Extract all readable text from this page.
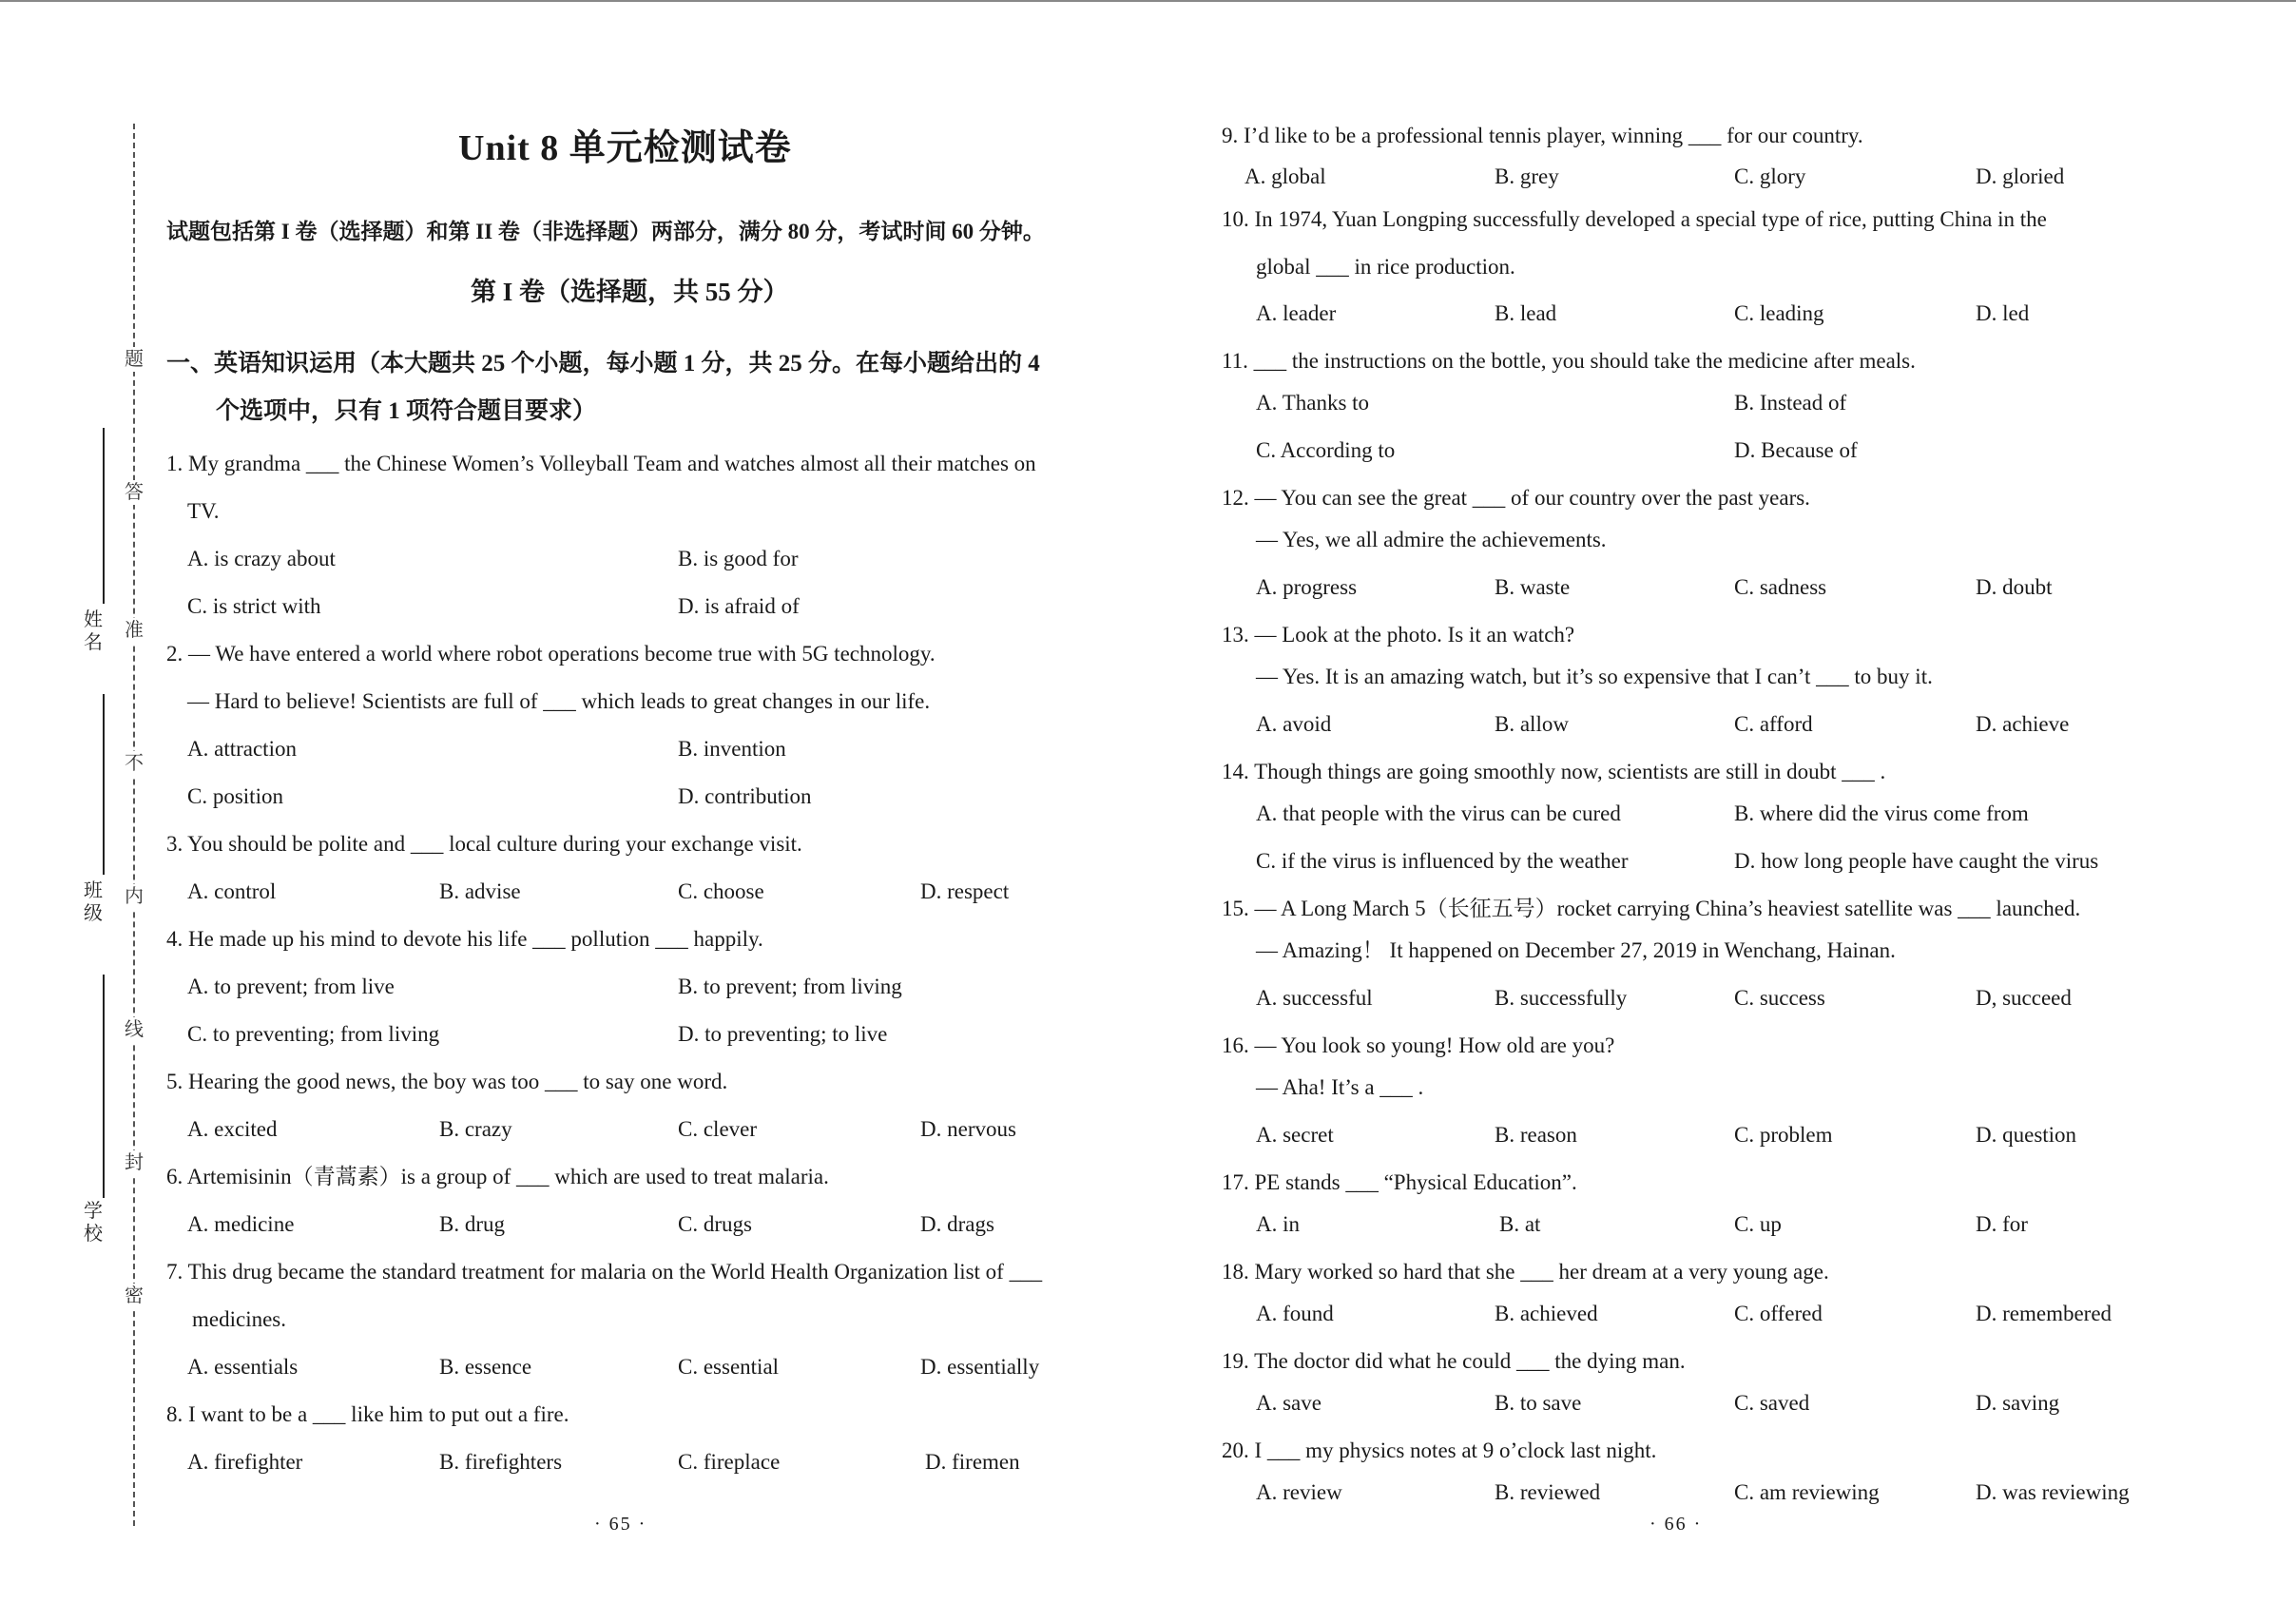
题
答
准
不
内
线
封
密
姓名
班级
学校
Unit 8 单元检测试卷
试题包括第 I 卷（选择题）和第 II 卷（非选择题）两部分，满分 80 分，考试时间 60 分钟。
第 I 卷（选择题，共 55 分）
一、英语知识运用（本大题共 25 个小题，每小题 1 分，共 25 分。在每小题给出的 4
个选项中，只有 1 项符合题目要求）
1. My grandma ___ the Chinese Women’s Volleyball Team and watches almost all their matches on
TV.
A. is crazy about	B. is good for
C. is strict with	D. is afraid of
2. — We have entered a world where robot operations become true with 5G technology.
— Hard to believe! Scientists are full of ___ which leads to great changes in our life.
A. attraction	B. invention
C. position	D. contribution
3. You should be polite and ___ local culture during your exchange visit.
A. control	B. advise	C. choose	D. respect
4. He made up his mind to devote his life ___ pollution ___ happily.
A. to prevent; from live	B. to prevent; from living
C. to preventing; from living	D. to preventing; to live
5. Hearing the good news, the boy was too ___ to say one word.
A. excited	B. crazy	C. clever	D. nervous
6. Artemisinin（青蒿素）is a group of ___ which are used to treat malaria.
A. medicine	B. drug	C. drugs	D. drags
7. This drug became the standard treatment for malaria on the World Health Organization list of ___
medicines.
A. essentials	B. essence	C. essential	D. essentially
8. I want to be a ___ like him to put out a fire.
A. firefighter	B. firefighters	C. fireplace	D. firemen
· 65 ·
9. I’d like to be a professional tennis player, winning ___ for our country.
A. global	B. grey	C. glory	D. gloried
10. In 1974, Yuan Longping successfully developed a special type of rice, putting China in the
global ___ in rice production.
A. leader	B. lead	C. leading	D. led
11. ___ the instructions on the bottle, you should take the medicine after meals.
A. Thanks to	B. Instead of
C. According to	D. Because of
12. — You can see the great ___ of our country over the past years.
— Yes, we all admire the achievements.
A. progress	B. waste	C. sadness	D. doubt
13. — Look at the photo. Is it an watch?
— Yes. It is an amazing watch, but it’s so expensive that I can’t ___ to buy it.
A. avoid	B. allow	C. afford	D. achieve
14. Though things are going smoothly now, scientists are still in doubt ___ .
A. that people with the virus can be cured	B. where did the virus come from
C. if the virus is influenced by the weather	D. how long people have caught the virus
15. — A Long March 5（长征五号）rocket carrying China’s heaviest satellite was ___ launched.
— Amazing！ It happened on December 27, 2019 in Wenchang, Hainan.
A. successful	B. successfully	C. success	D, succeed
16. — You look so young! How old are you?
— Aha! It’s a ___ .
A. secret	B. reason	C. problem	D. question
17. PE stands ___ “Physical Education”.
A. in	B. at	C. up	D. for
18. Mary worked so hard that she ___ her dream at a very young age.
A. found	B. achieved	C. offered	D. remembered
19. The doctor did what he could ___ the dying man.
A. save	B. to save	C. saved	D. saving
20. I ___ my physics notes at 9 o’clock last night.
A. review	B. reviewed	C. am reviewing	D. was reviewing
· 66 ·
